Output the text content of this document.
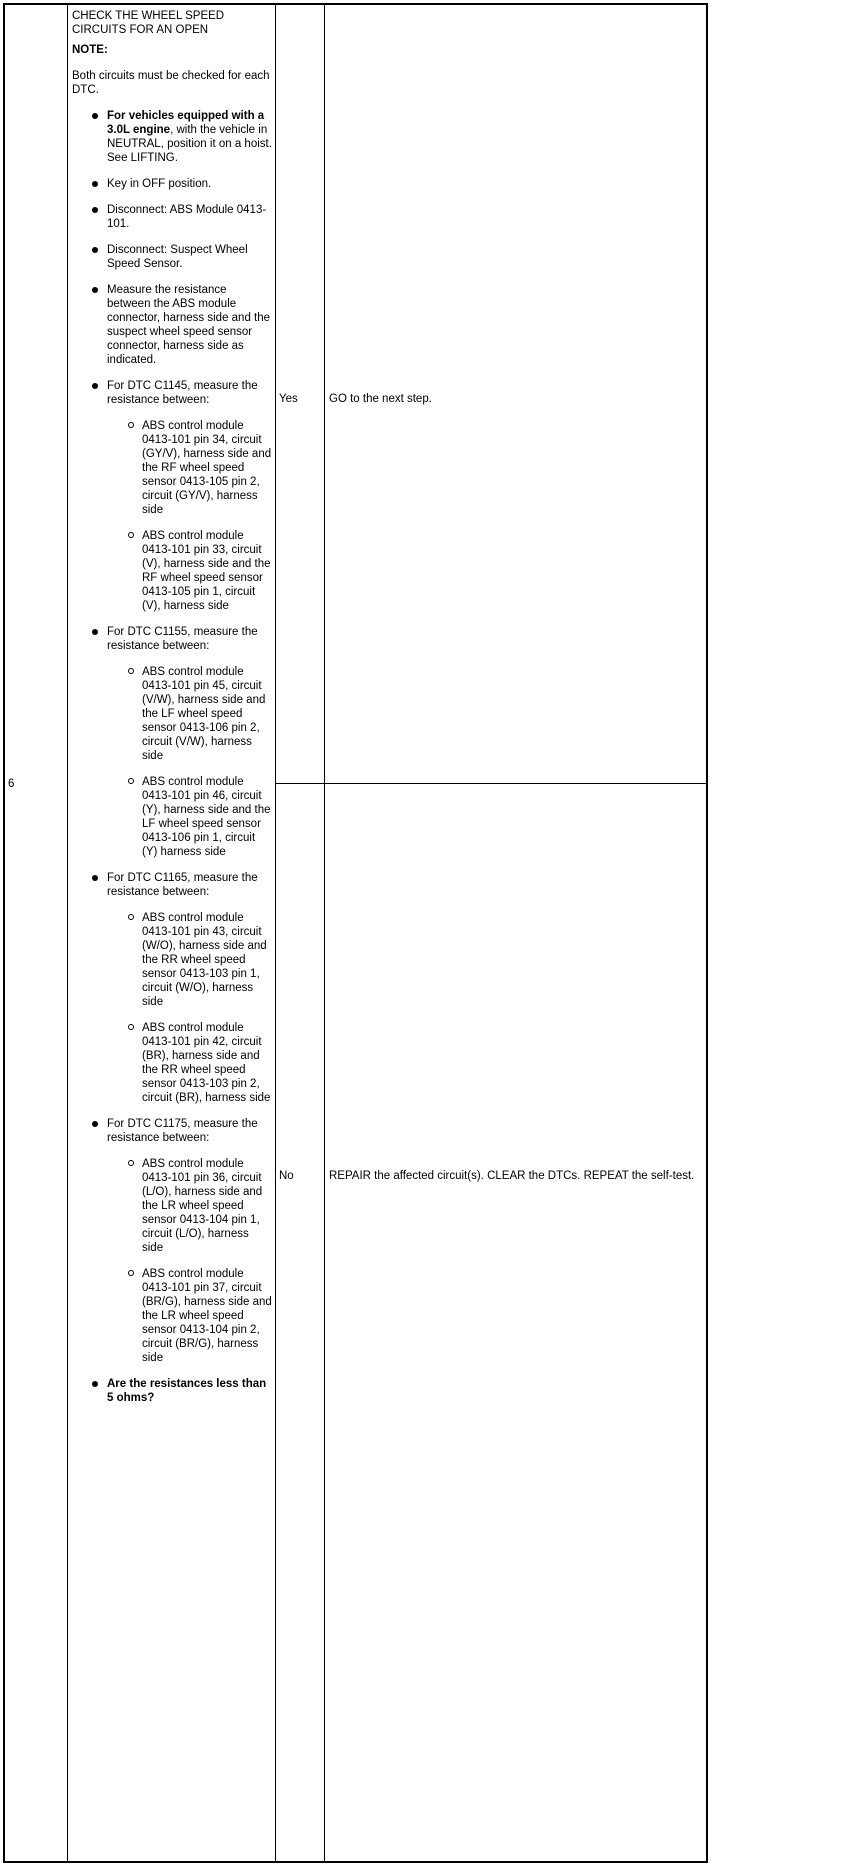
6

CHECK THE WHEEL SPEED CIRCUITS FOR AN OPEN

NOTE:

Both circuits must be checked for each DTC.

For vehicles equipped with a 3.0L engine, with the vehicle in NEUTRAL, position it on a hoist. See LIFTING.
Key in OFF position.
Disconnect: ABS Module 0413-101.
Disconnect: Suspect Wheel Speed Sensor.
Measure the resistance between the ABS module connector, harness side and the suspect wheel speed sensor connector, harness side as indicated.
For DTC C1145, measure the resistance between:
ABS control module 0413-101 pin 34, circuit (GY/V), harness side and the RF wheel speed sensor 0413-105 pin 2, circuit (GY/V), harness side
ABS control module 0413-101 pin 33, circuit (V), harness side and the RF wheel speed sensor 0413-105 pin 1, circuit (V), harness side
For DTC C1155, measure the resistance between:
ABS control module 0413-101 pin 45, circuit (V/W), harness side and the LF wheel speed sensor 0413-106 pin 2, circuit (V/W), harness side
ABS control module 0413-101 pin 46, circuit (Y), harness side and the LF wheel speed sensor 0413-106 pin 1, circuit (Y) harness side
For DTC C1165, measure the resistance between:
ABS control module 0413-101 pin 43, circuit (W/O), harness side and the RR wheel speed sensor 0413-103 pin 1, circuit (W/O), harness side
ABS control module 0413-101 pin 42, circuit (BR), harness side and the RR wheel speed sensor 0413-103 pin 2, circuit (BR), harness side
For DTC C1175, measure the resistance between:
ABS control module 0413-101 pin 36, circuit (L/O), harness side and the LR wheel speed sensor 0413-104 pin 1, circuit (L/O), harness side
ABS control module 0413-101 pin 37, circuit (BR/G), harness side and the LR wheel speed sensor 0413-104 pin 2, circuit (BR/G), harness side
Are the resistances less than 5 ohms?
Yes	GO to the next step.
No	REPAIR the affected circuit(s). CLEAR the DTCs. REPEAT the self-test.
